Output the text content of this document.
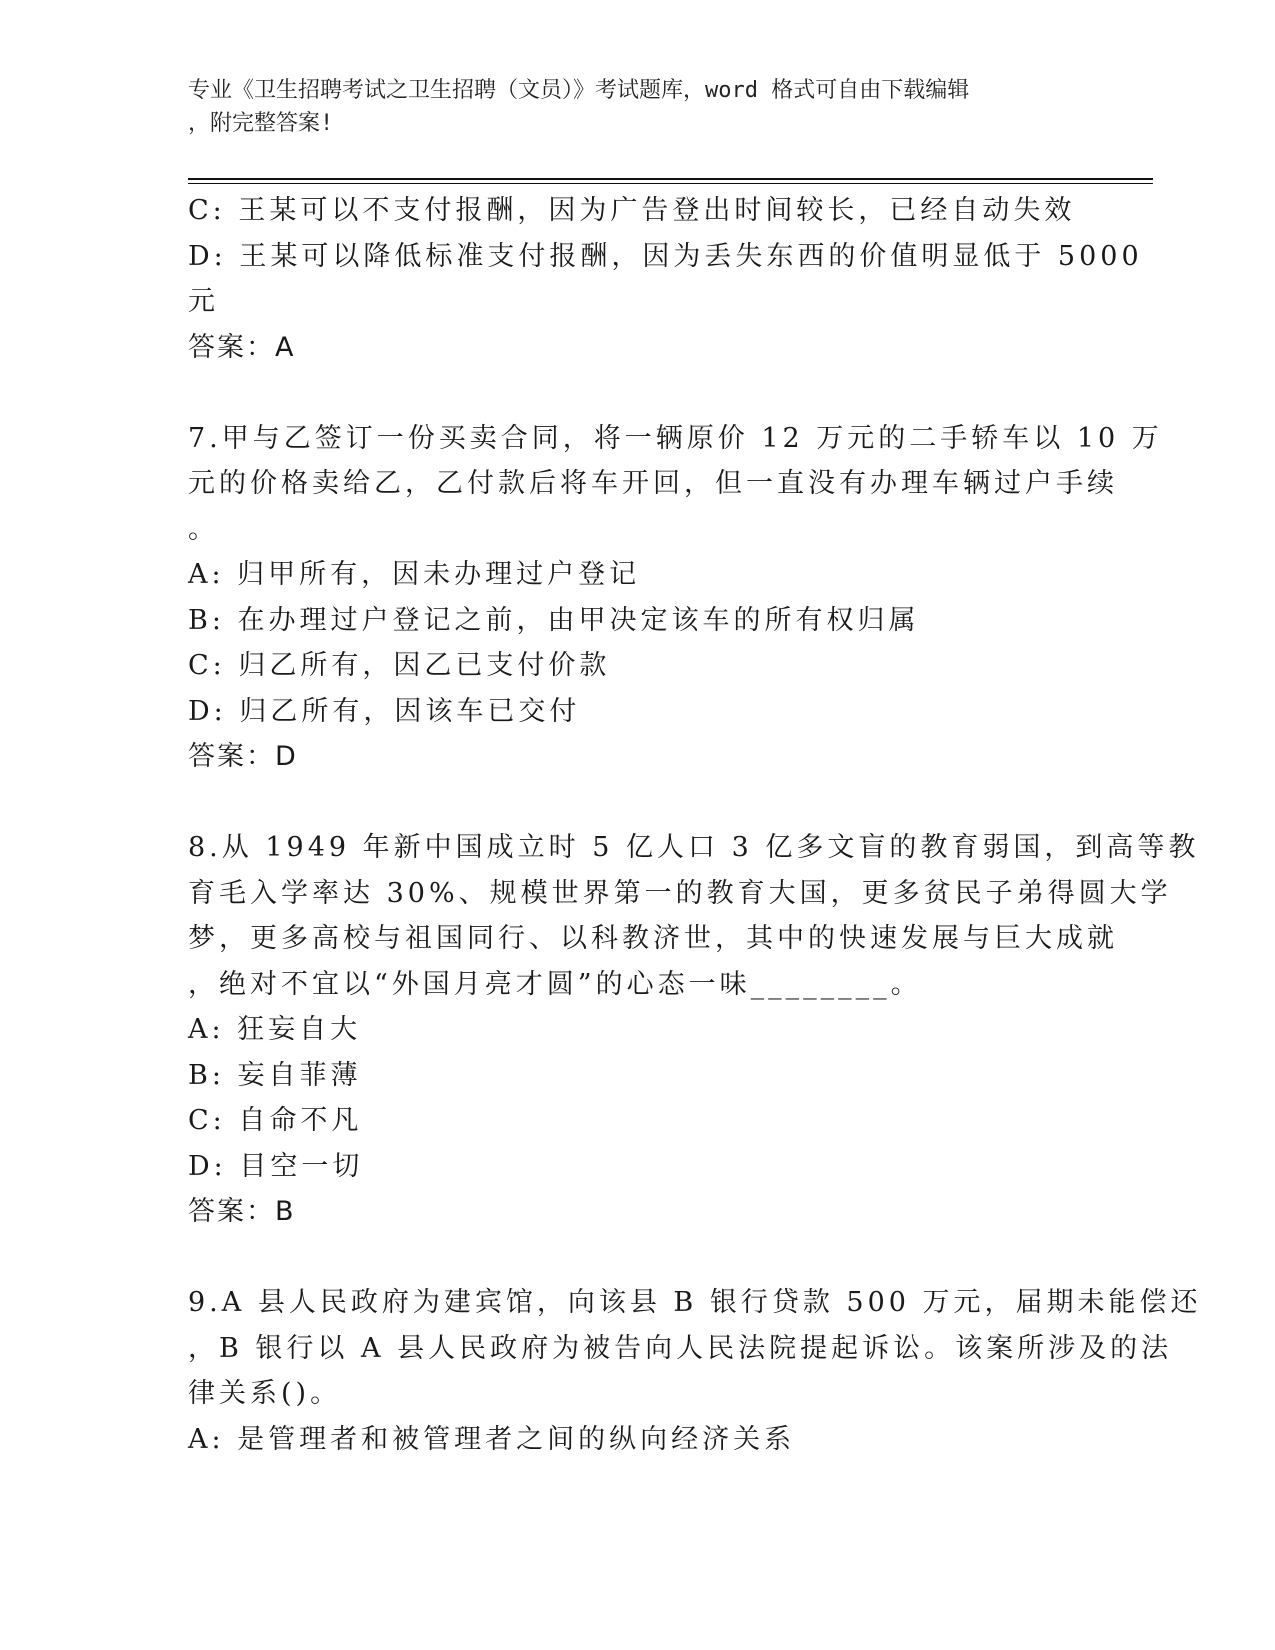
专业《卫生招聘考试之卫生招聘（文员）》考试题库，word 格式可自由下载编辑
，附完整答案!
C: 王某可以不支付报酬，因为广告登出时间较长，已经自动失效
D: 王某可以降低标准支付报酬，因为丢失东西的价值明显低于 5000
元
答案：A
7.甲与乙签订一份买卖合同，将一辆原价 12 万元的二手轿车以 10 万
元的价格卖给乙，乙付款后将车开回，但一直没有办理车辆过户手续
。
A: 归甲所有，因未办理过户登记
B: 在办理过户登记之前，由甲决定该车的所有权归属
C: 归乙所有，因乙已支付价款
D: 归乙所有，因该车已交付
答案：D
8.从 1949 年新中国成立时 5 亿人口 3 亿多文盲的教育弱国，到高等教
育毛入学率达 30%、规模世界第一的教育大国，更多贫民子弟得圆大学
梦，更多高校与祖国同行、以科教济世，其中的快速发展与巨大成就
，绝对不宜以“外国月亮才圆”的心态一味________。
A: 狂妄自大
B: 妄自菲薄
C: 自命不凡
D: 目空一切
答案：B
9.A 县人民政府为建宾馆，向该县 B 银行贷款 500 万元，届期未能偿还
，B 银行以 A 县人民政府为被告向人民法院提起诉讼。该案所涉及的法
律关系()。
A: 是管理者和被管理者之间的纵向经济关系
